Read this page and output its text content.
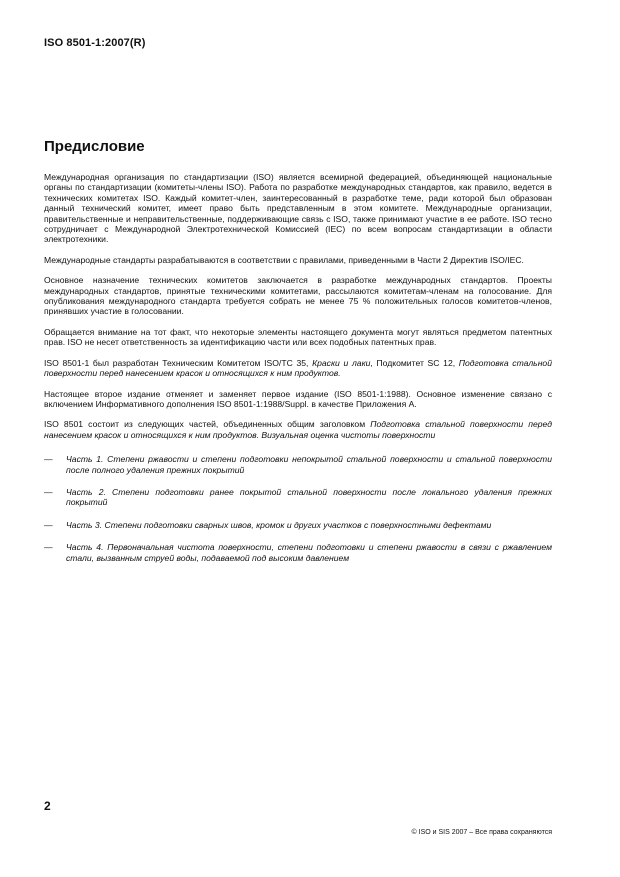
ISO 8501-1:2007(R)
Предисловие

Международная организация по стандартизации (ISO) является всемирной федерацией, объединяющей национальные органы по стандартизации (комитеты-члены ISO). Работа по разработке международных стандартов, как правило, ведется в технических комитетах ISO. Каждый комитет-член, заинтересованный в разработке теме, ради которой был образован данный технический комитет, имеет право быть представленным в этом комитете. Международные организации, правительственные и неправительственные, поддерживающие связь с ISO, также принимают участие в ее работе. ISO тесно сотрудничает с Международной Электротехнической Комиссией (IEC) по всем вопросам стандартизации в области электротехники.

Международные стандарты разрабатываются в соответствии с правилами, приведенными в Части 2 Директив ISO/IEC.

Основное назначение технических комитетов заключается в разработке международных стандартов. Проекты международных стандартов, принятые техническими комитетами, рассылаются комитетам-членам на голосование. Для опубликования международного стандарта требуется собрать не менее 75 % положительных голосов комитетов-членов, принявших участие в голосовании.

Обращается внимание на тот факт, что некоторые элементы настоящего документа могут являться предметом патентных прав. ISO не несет ответственность за идентификацию части или всех подобных патентных прав.

ISO 8501-1 был разработан Техническим Комитетом ISO/TC 35, Краски и лаки, Подкомитет SC 12, Подготовка стальной поверхности перед нанесением красок и относящихся к ним продуктов.

Настоящее второе издание отменяет и заменяет первое издание (ISO 8501-1:1988). Основное изменение связано с включением Информативного дополнения ISO 8501-1:1988/Suppl. в качестве Приложения А.

ISO 8501 состоит из следующих частей, объединенных общим заголовком Подготовка стальной поверхности перед нанесением красок и относящихся к ним продуктов. Визуальная оценка чистоты поверхности

— Часть 1. Степени ржавости и степени подготовки непокрытой стальной поверхности и стальной поверхности после полного удаления прежних покрытий
— Часть 2. Степени подготовки ранее покрытой стальной поверхности после локального удаления прежних покрытий
— Часть 3. Степени подготовки сварных швов, кромок и других участков с поверхностными дефектами
— Часть 4. Первоначальная чистота поверхности, степени подготовки и степени ржавости в связи с ржавлением стали, вызванным струей воды, подаваемой под высоким давлением
2
© ISO и SIS 2007 – Все права сохраняются
